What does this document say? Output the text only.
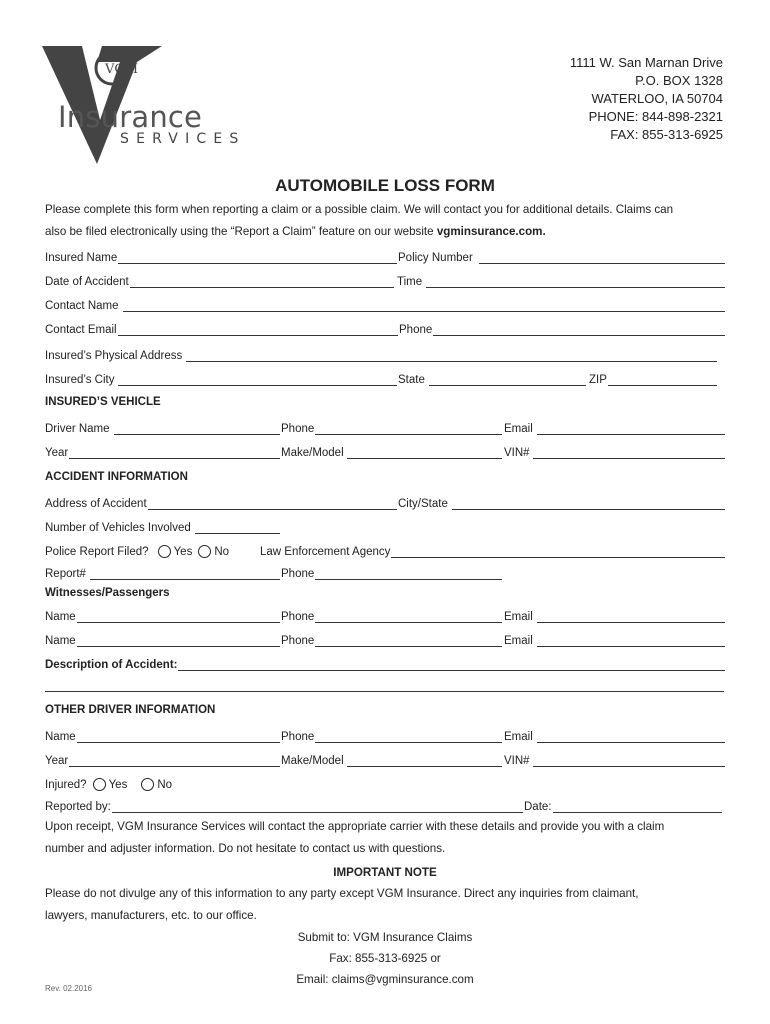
VGM
Insurance
SERVICES
1111 W. San Marnan Drive
P.O. BOX 1328
WATERLOO, IA 50704
PHONE: 844-898-2321
FAX: 855-313-6925
AUTOMOBILE LOSS FORM
Please complete this form when reporting a claim or a possible claim. We will contact you for additional details. Claims can
also be filed electronically using the “Report a Claim” feature on our website vgminsurance.com.
Insured Name	Policy Number
Date of Accident	Time
Contact Name
Contact Email	Phone
Insured’s Physical Address
Insured’s City	State	ZIP
INSURED’S VEHICLE
Driver Name	Phone	Email
Year	Make/Model	VIN#
ACCIDENT INFORMATION
Address of Accident	City/State
Number of Vehicles Involved
Police Report Filed? Yes No	Law Enforcement Agency
Report#	Phone
Witnesses/Passengers
Name	Phone	Email
Name	Phone	Email
Description of Accident:
OTHER DRIVER INFORMATION
Name	Phone	Email
Year	Make/Model	VIN#
Injured? Yes	No
Reported by:	Date:
Upon receipt, VGM Insurance Services will contact the appropriate carrier with these details and provide you with a claim
number and adjuster information. Do not hesitate to contact us with questions.
IMPORTANT NOTE
Please do not divulge any of this information to any party except VGM Insurance. Direct any inquiries from claimant,
lawyers, manufacturers, etc. to our office.
Submit to: VGM Insurance Claims
Fax: 855-313-6925 or
Email: claims@vgminsurance.com
Rev. 02.2016
